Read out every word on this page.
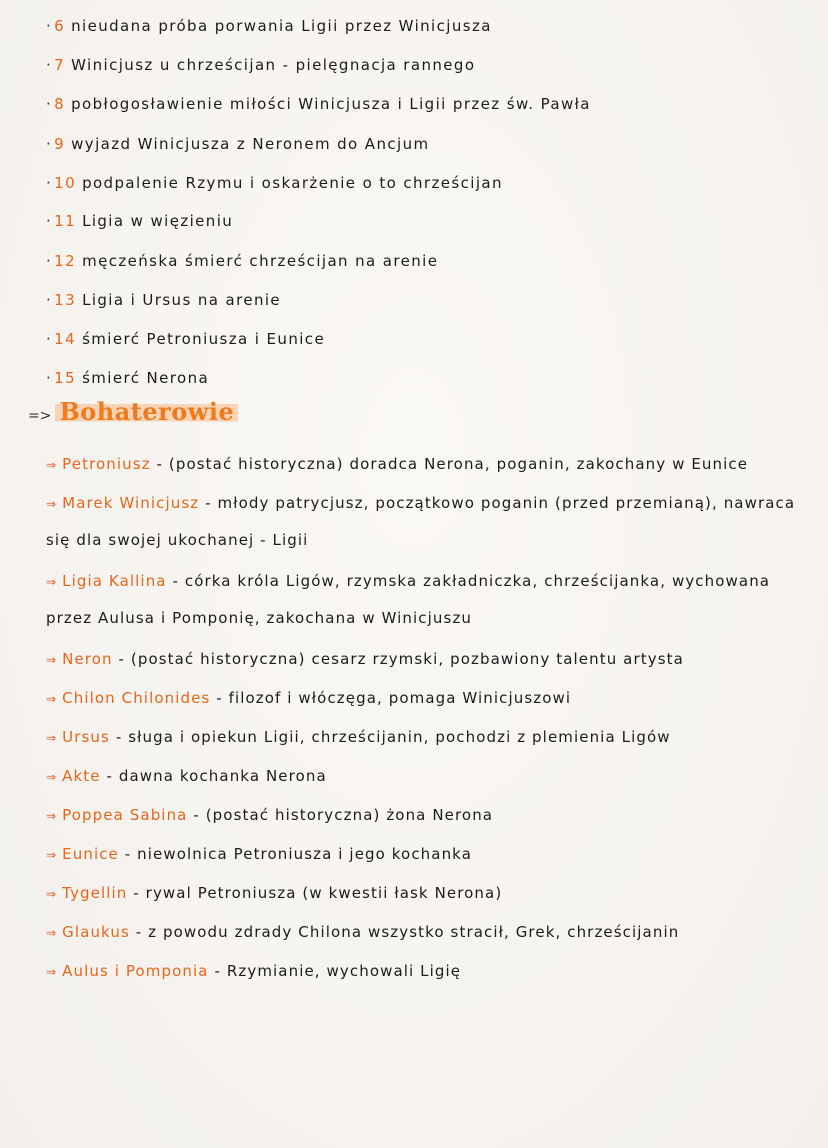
· 6 nieudana próba porwania Ligii przez Winicjusza
· 7 Winicjusz u chrześcijan - pielęgnacja rannego
· 8 pobłogosławienie miłości Winicjusza i Ligii przez św. Pawła
· 9 wyjazd Winicjusza z Neronem do Ancjum
· 10 podpalenie Rzymu i oskarżenie o to chrześcijan
· 11 Ligia w więzieniu
· 12 męczeńska śmierć chrześcijan na arenie
· 13 Ligia i Ursus na arenie
· 14 śmierć Petroniusza i Eunice
· 15 śmierć Nerona
=> Bohaterowie
⇒ Petroniusz - (postać historyczna) doradca Nerona, poganin, zakochany w Eunice
⇒ Marek Winicjusz - młody patrycjusz, początkowo poganin (przed przemianą), nawraca się dla swojej ukochanej - Ligii
⇒ Ligia Kallina - córka króla Ligów, rzymska zakładniczka, chrześcijanka, wychowana przez Aulusa i Pomponię, zakochana w Winicjuszu
⇒ Neron - (postać historyczna) cesarz rzymski, pozbawiony talentu artysta
⇒ Chilon Chilonides - filozof i włóczęga, pomaga Winicjuszowi
⇒ Ursus - sługa i opiekun Ligii, chrześcijanin, pochodzi z plemienia Ligów
⇒ Akte - dawna kochanka Nerona
⇒ Poppea Sabina - (postać historyczna) żona Nerona
⇒ Eunice - niewolnica Petroniusza i jego kochanka
⇒ Tygellin - rywal Petroniusza (w kwestii łask Nerona)
⇒ Glaukus - z powodu zdrady Chilona wszystko stracił, Grek, chrześcijanin
⇒ Aulus i Pomponia - Rzymianie, wychowali Ligię
